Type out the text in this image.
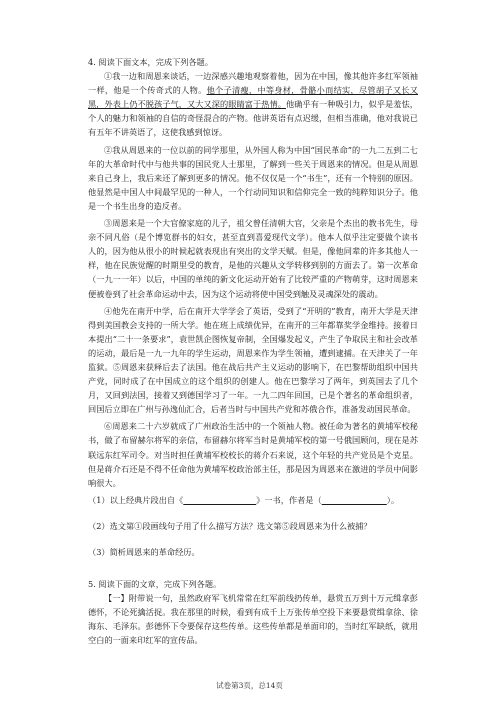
4. 阅读下面文本，完成下列各题。

①我一边和周恩来谈话，一边深感兴趣地观察着他，因为在中国，像其他许多红军领袖一样，他是一个传奇式的人物。他个子清瘦，中等身材，骨骼小而结实，尽管胡子又长又黑，外表上仍不脱孩子气，又大又深的眼睛富于热情。他确乎有一种吸引力，似乎是羞怯，个人的魅力和领袖的自信的奇怪混合的产物。他讲英语有点迟缓，但相当准确，他对我说已有五年不讲英语了，这使我感到惊讶。

②我从周恩来的一位以前的同学那里，从外国人称为中国“国民革命”的一九二五到二七年的大革命时代中与他共事的国民党人士那里，了解到一些关于周恩来的情况。但是从周恩来自己身上，我后来还了解到更多的情况。他不仅仅是一个“书生”，还有一个特别的原因。他显然是中国人中间最罕见的一种人，一个行动同知识和信仰完全一致的纯粹知识分子。他是一个书生出身的造反者。

③周恩来是一个大官僚家庭的儿子，祖父曾任清朝大官，父亲是个杰出的教书先生，母亲不同凡俗（是个博览群书的妇女，甚至直到喜爱现代文学）。他本人似乎注定要做个读书人的，因为他从很小的时候起就表现出有突出的文学天赋。但是，像他同辈的许多其他人一样，他在民族觉醒的时期里受的教育，是他的兴趣从文学转移到别的方面去了。第一次革命（一九一一年）以后，中国的单纯的新文化运动开始有了比较严重的产物萌芽，这时周恩来便被卷到了社会革命运动中去，因为这个运动将使中国受到触及灵魂深处的震动。

④他先在南开中学，后在南开大学学会了英语，受到了“开明的”教育，南开大学是天津得到美国教会支持的一所大学。他在班上成绩优异，在南开的三年都靠奖学金维持。接着日本提出“二十一条要求”，袁世凯企图恢复帝制，全国爆发起义，产生了争取民主和社会改革的运动，最后是一九一九年的学生运动，周恩来作为学生领袖，遭到逮捕。在天津关了一年监狱。⑤周恩来获释后去了法国。他在战后共产主义运动的影响下，在巴黎帮助组织中国共产党，同时成了在中国成立的这个组织的创建人。他在巴黎学习了两年，到英国去了几个月，又回到法国，接着又到德国学习了一年。一九二四年回国，已是个著名的革命组织者，回国后立即在广州与孙逸仙汇合，后者当时与中国共产党和苏俄合作，准备发动国民革命。

⑥周恩来二十六岁就成了广州政治生活中的一个领袖人物。被任命为著名的黄埔军校秘书，做了布留赫尔将军的亲信，布留赫尔将军当时是黄埔军校的第一号俄国顾问，现在是苏联远东红军司令。对当时担任黄埔军校校长的蒋介石来说，这个年轻的共产党员是个克星。但是蒋介石还是不得不任命他为黄埔军校政治部主任，那是因为周恩来在激进的学员中间影响很大。

（1）以上经典片段出自《	》一书，作者是（	）。

（2）选文第①段画线句子用了什么描写方法？选文第⑤段周恩来为什么被捕？

（3）简析周恩来的革命经历。

5. 阅读下面的文章，完成下列各题。

【一】附带说一句，虽然政府军飞机常常在红军前线扔传单，悬赏五万到十万元缉拿彭德怀，不论死擒活捉。我在那里的时候，看到有成千上万张传单空投下来要悬赏缉拿徐、徐海东、毛泽东。彭德怀下令要保存这些传单。这些传单都是单面印的，当时红军缺纸，就用空白的一面来印红军的宣传品。

试卷第3页，总14页
